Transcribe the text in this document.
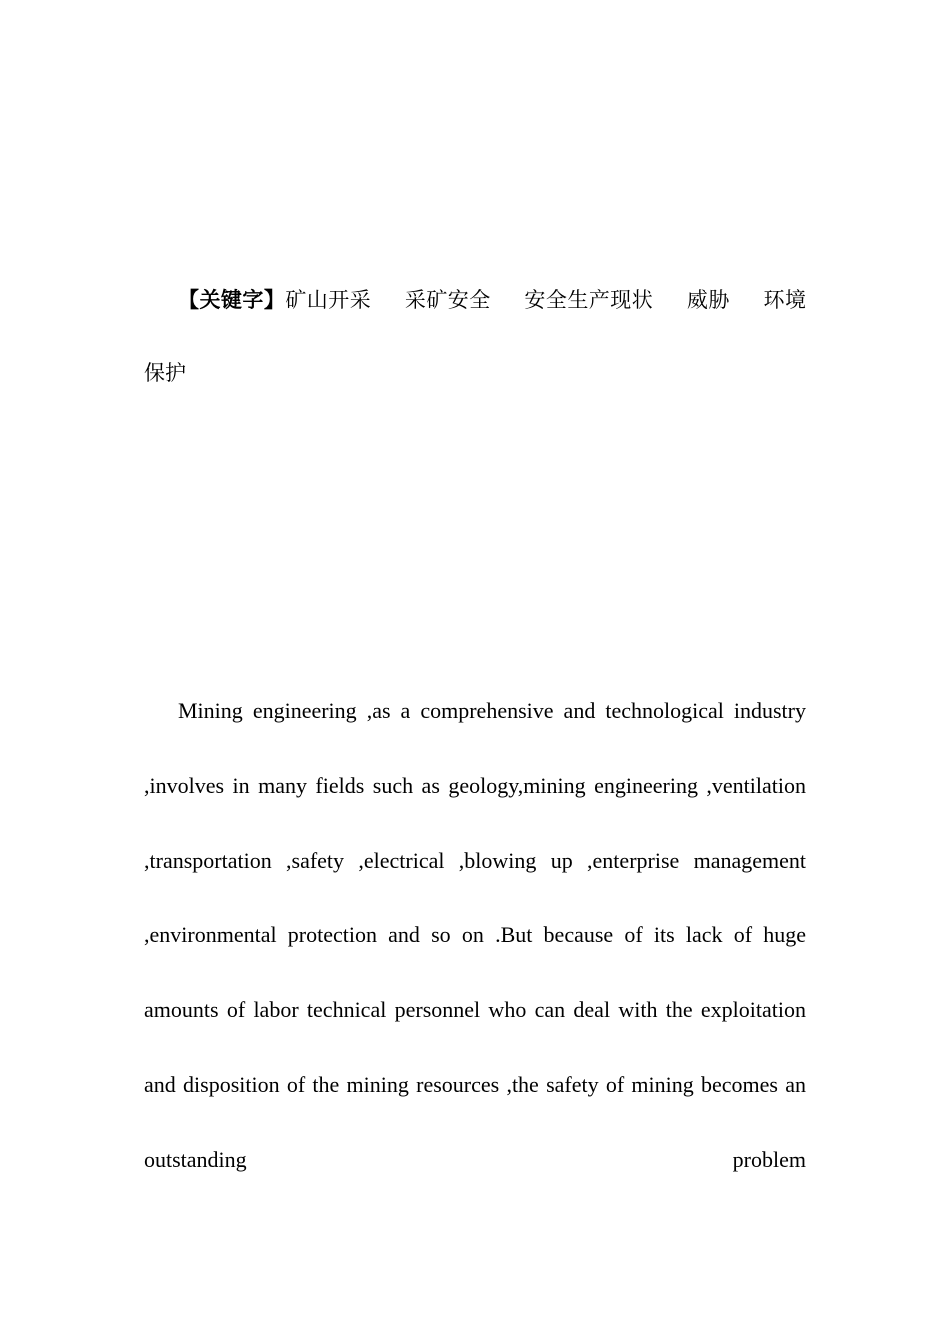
【关键字】矿山开采 采矿安全 安全生产现状 威胁 环境保护

Mining engineering ,as a comprehensive and technological industry ,involves in many fields such as geology,mining engineering ,ventilation ,transportation ,safety ,electrical ,blowing up ,enterprise management ,environmental protection and so on .But because of its lack of huge amounts of labor technical personnel who can deal with the exploitation and disposition of the mining resources ,the safety of mining becomes an outstanding problem
